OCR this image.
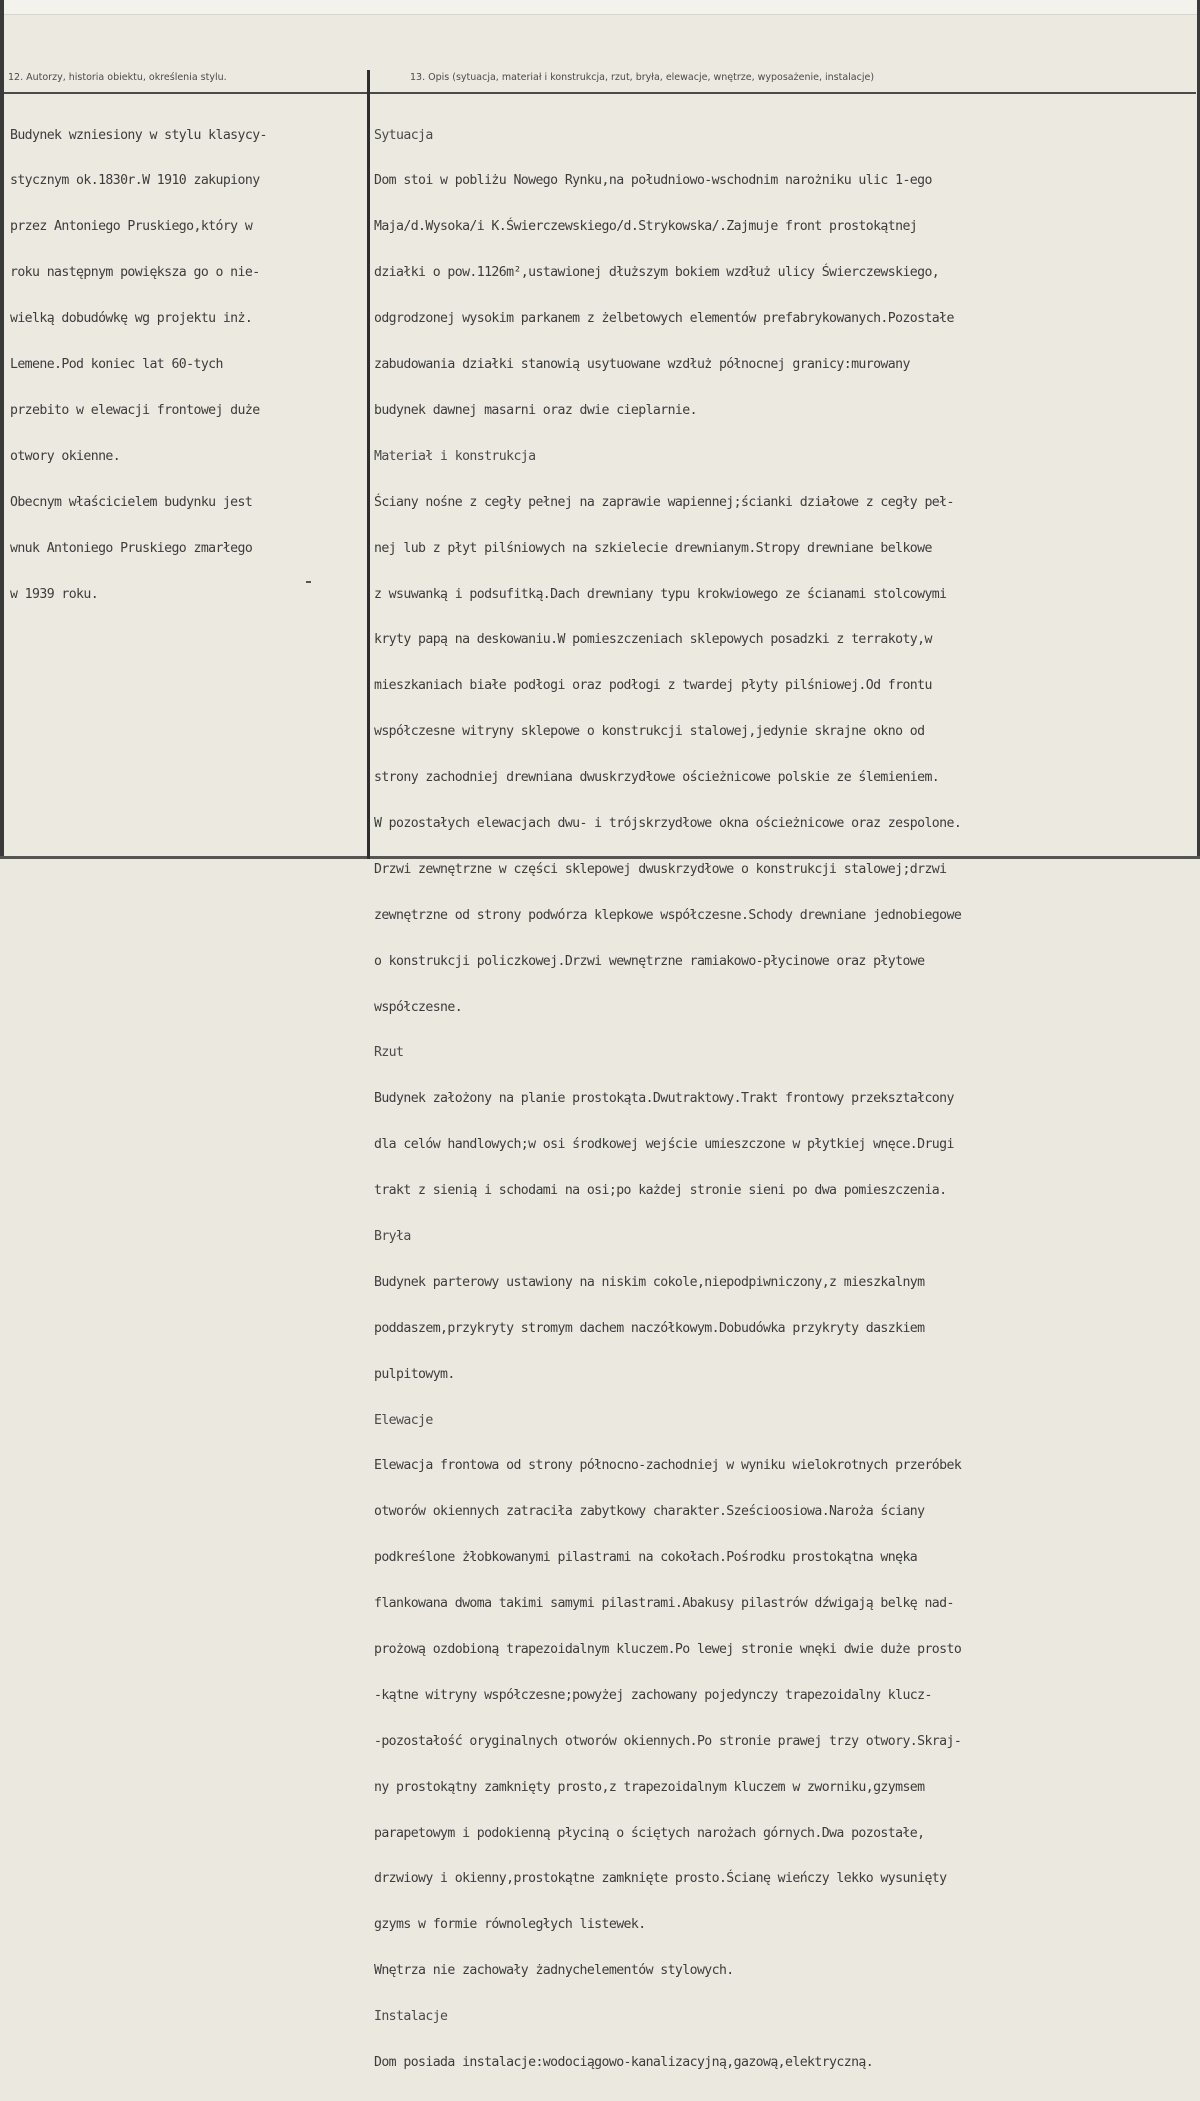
12. Autorzy, historia obiektu, określenia stylu.	13. Opis (sytuacja, materiał i konstrukcja, rzut, bryła, elewacje, wnętrze, wyposażenie, instalacje)

Budynek wzniesiony w stylu klasycy-

stycznym ok.1830r.W 1910 zakupiony

przez Antoniego Pruskiego,który w

roku następnym powiększa go o nie-

wielką dobudówkę wg projektu inż.

Lemene.Pod koniec lat 60-tych

przebito w elewacji frontowej duże

otwory okienne.

Obecnym właścicielem budynku jest

wnuk Antoniego Pruskiego zmarłego

w 1939 roku.

Sytuacja

Dom stoi w pobliżu Nowego Rynku,na południowo-wschodnim narożniku ulic 1-ego

Maja/d.Wysoka/i K.Świerczewskiego/d.Strykowska/.Zajmuje front prostokątnej

działki o pow.1126m²,ustawionej dłuższym bokiem wzdłuż ulicy Świerczewskiego,

odgrodzonej wysokim parkanem z żelbetowych elementów prefabrykowanych.Pozostałe

zabudowania działki stanowią usytuowane wzdłuż północnej granicy:murowany

budynek dawnej masarni oraz dwie cieplarnie.

Materiał i konstrukcja

Ściany nośne z cegły pełnej na zaprawie wapiennej;ścianki działowe z cegły peł-

nej lub z płyt pilśniowych na szkielecie drewnianym.Stropy drewniane belkowe

z wsuwanką i podsufitką.Dach drewniany typu krokwiowego ze ścianami stolcowymi

kryty papą na deskowaniu.W pomieszczeniach sklepowych posadzki z terrakoty,w

mieszkaniach białe podłogi oraz podłogi z twardej płyty pilśniowej.Od frontu

współczesne witryny sklepowe o konstrukcji stalowej,jedynie skrajne okno od

strony zachodniej drewniana dwuskrzydłowe ościeżnicowe polskie ze ślemieniem.

W pozostałych elewacjach dwu- i trójskrzydłowe okna ościeżnicowe oraz zespolone.

Drzwi zewnętrzne w części sklepowej dwuskrzydłowe o konstrukcji stalowej;drzwi

zewnętrzne od strony podwórza klepkowe współczesne.Schody drewniane jednobiegowe

o konstrukcji policzkowej.Drzwi wewnętrzne ramiakowo-płycinowe oraz płytowe

współczesne.

Rzut

Budynek założony na planie prostokąta.Dwutraktowy.Trakt frontowy przekształcony

dla celów handlowych;w osi środkowej wejście umieszczone w płytkiej wnęce.Drugi

trakt z sienią i schodami na osi;po każdej stronie sieni po dwa pomieszczenia.

Bryła

Budynek parterowy ustawiony na niskim cokole,niepodpiwniczony,z mieszkalnym

poddaszem,przykryty stromym dachem naczółkowym.Dobudówka przykryty daszkiem

pulpitowym.

Elewacje

Elewacja frontowa od strony północno-zachodniej w wyniku wielokrotnych przeróbek

otworów okiennych zatraciła zabytkowy charakter.Sześcioosiowa.Naroża ściany

podkreślone żłobkowanymi pilastrami na cokołach.Pośrodku prostokątna wnęka

flankowana dwoma takimi samymi pilastrami.Abakusy pilastrów dźwigają belkę nad-

prożową ozdobioną trapezoidalnym kluczem.Po lewej stronie wnęki dwie duże prosto

-kątne witryny współczesne;powyżej zachowany pojedynczy trapezoidalny klucz-

-pozostałość oryginalnych otworów okiennych.Po stronie prawej trzy otwory.Skraj-

ny prostokątny zamknięty prosto,z trapezoidalnym kluczem w zworniku,gzymsem

parapetowym i podokienną płyciną o ściętych narożach górnych.Dwa pozostałe,

drzwiowy i okienny,prostokątne zamknięte prosto.Ścianę wieńczy lekko wysunięty

gzyms w formie równoległych listewek.

Wnętrza nie zachowały żadnychelementów stylowych.

Instalacje

Dom posiada instalacje:wodociągowo-kanalizacyjną,gazową,elektryczną.
